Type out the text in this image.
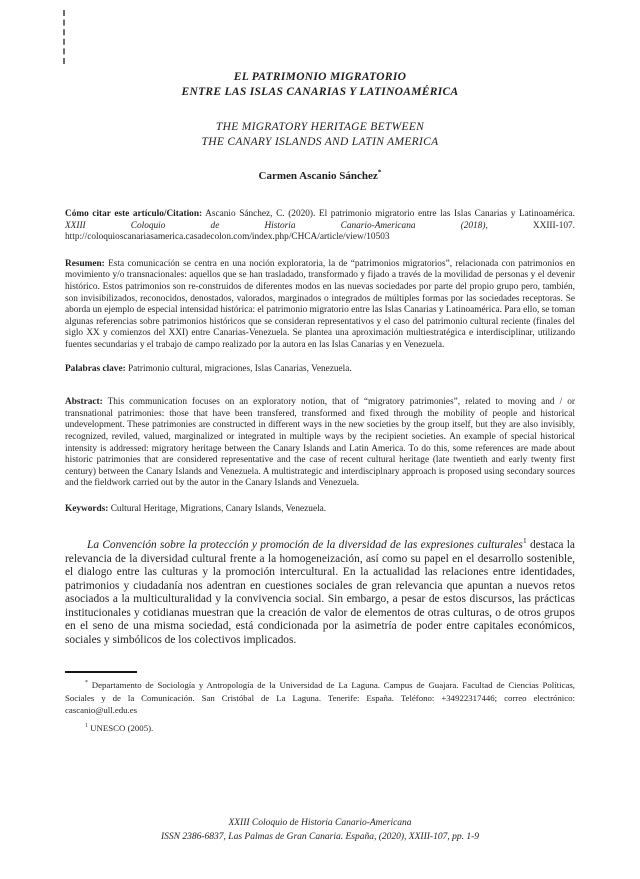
EL PATRIMONIO MIGRATORIO
ENTRE LAS ISLAS CANARIAS Y LATINOAMÉRICA
THE MIGRATORY HERITAGE BETWEEN
THE CANARY ISLANDS AND LATIN AMERICA
Carmen Ascanio Sánchez*

Cómo citar este artículo/Citation: Ascanio Sánchez, C. (2020). El patrimonio migratorio entre las Islas Canarias y Latinoamérica. XXIII Coloquio de Historia Canario-Americana (2018), XXIII-107. http://coloquioscanariasamerica.casadecolon.com/index.php/CHCA/article/view/10503

Resumen: Esta comunicación se centra en una noción exploratoria, la de “patrimonios migratorios”, relacionada con patrimonios en movimiento y/o transnacionales: aquellos que se han trasladado, transformado y fijado a través de la movilidad de personas y el devenir histórico. Estos patrimonios son re-construidos de diferentes modos en las nuevas sociedades por parte del propio grupo pero, también, son invisibilizados, reconocidos, denostados, valorados, marginados o integrados de múltiples formas por las sociedades receptoras. Se aborda un ejemplo de especial intensidad histórica: el patrimonio migratorio entre las Islas Canarias y Latinoamérica. Para ello, se toman algunas referencias sobre patrimonios históricos que se consideran representativos y el caso del patrimonio cultural reciente (finales del siglo XX y comienzos del XXI) entre Canarias-Venezuela. Se plantea una aproximación multiestratégica e interdisciplinar, utilizando fuentes secundarias y el trabajo de campo realizado por la autora en las Islas Canarias y en Venezuela.

Palabras clave: Patrimonio cultural, migraciones, Islas Canarias, Venezuela.

Abstract: This communication focuses on an exploratory notion, that of “migratory patrimonies”, related to moving and / or transnational patrimonies: those that have been transfered, transformed and fixed through the mobility of people and historical undevelopment. These patrimonies are constructed in different ways in the new societies by the group itself, but they are also invisibly, recognized, reviled, valued, marginalized or integrated in multiple ways by the recipient societies. An example of special historical intensity is addressed: migratory heritage between the Canary Islands and Latin America. To do this, some references are made about historic patrimonies that are considered representative and the case of recent cultural heritage (late twentieth and early twenty first century) between the Canary Islands and Venezuela. A multistrategic and interdisciplnary approach is proposed using secondary sources and the fieldwork carried out by the autor in the Canary Islands and Venezuela.

Keywords: Cultural Heritage, Migrations, Canary Islands, Venezuela.

La Convención sobre la protección y promoción de la diversidad de las expresiones culturales$^1$ destaca la relevancia de la diversidad cultural frente a la homogeneización, así como su papel en el desarrollo sostenible, el dialogo entre las culturas y la promoción intercultural. En la actualidad las relaciones entre identidades, patrimonios y ciudadanía nos adentran en cuestiones sociales de gran relevancia que apuntan a nuevos retos asociados a la multiculturalidad y la convivencia social. Sin embargo, a pesar de estos discursos, las prácticas institucionales y cotidianas muestran que la creación de valor de elementos de otras culturas, o de otros grupos en el seno de una misma sociedad, está condicionada por la asimetría de poder entre capitales económicos, sociales y simbólicos de los colectivos implicados.

* Departamento de Sociología y Antropología de la Universidad de La Laguna. Campus de Guajara. Facultad de Ciencias Políticas, Sociales y de la Comunicación. San Cristóbal de La Laguna. Tenerife: España. Teléfono: +34922317446; correo electrónico: cascanio@ull.edu.es

$^1$ UNESCO (2005).

XXIII Coloquio de Historia Canario-Americana
ISSN 2386-6837, Las Palmas de Gran Canaria. España, (2020), XXIII-107, pp. 1-9
